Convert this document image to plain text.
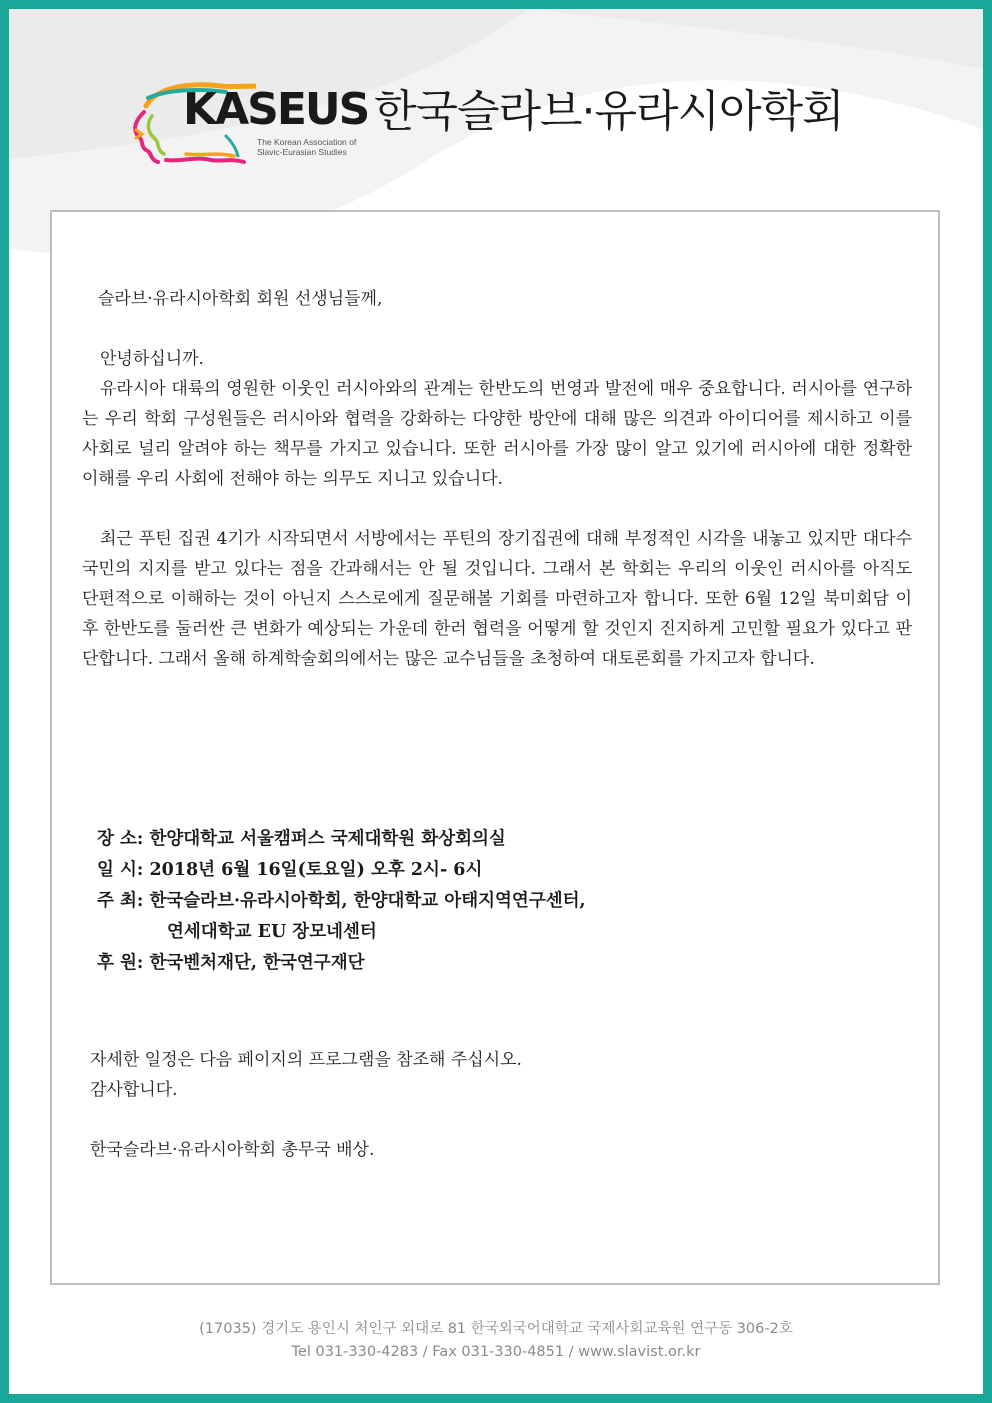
KASEUS
The Korean Association of
Slavic-Eurasian Studies
한국슬라브·유라시아학회

슬라브·유라시아학회 회원 선생님들께,

안녕하십니까.

유라시아 대륙의 영원한 이웃인 러시아와의 관계는 한반도의 번영과 발전에 매우 중요합니다. 러시아를 연구하는 우리 학회 구성원들은 러시아와 협력을 강화하는 다양한 방안에 대해 많은 의견과 아이디어를 제시하고 이를 사회로 널리 알려야 하는 책무를 가지고 있습니다. 또한 러시아를 가장 많이 알고 있기에 러시아에 대한 정확한 이해를 우리 사회에 전해야 하는 의무도 지니고 있습니다.

최근 푸틴 집권 4기가 시작되면서 서방에서는 푸틴의 장기집권에 대해 부정적인 시각을 내놓고 있지만 대다수 국민의 지지를 받고 있다는 점을 간과해서는 안 될 것입니다. 그래서 본 학회는 우리의 이웃인 러시아를 아직도 단편적으로 이해하는 것이 아닌지 스스로에게 질문해볼 기회를 마련하고자 합니다. 또한 6월 12일 북미회담 이후 한반도를 둘러싼 큰 변화가 예상되는 가운데 한러 협력을 어떻게 할 것인지 진지하게 고민할 필요가 있다고 판단합니다. 그래서 올해 하계학술회의에서는 많은 교수님들을 초청하여 대토론회를 가지고자 합니다.

장 소: 한양대학교 서울캠퍼스 국제대학원 화상회의실
일 시: 2018년 6월 16일(토요일) 오후 2시- 6시
주 최: 한국슬라브·유라시아학회, 한양대학교 아태지역연구센터,
연세대학교 EU 장모네센터
후 원: 한국벤처재단, 한국연구재단
자세한 일정은 다음 페이지의 프로그램을 참조해 주십시오.
감사합니다.
한국슬라브·유라시아학회 총무국 배상.
(17035) 경기도 용인시 처인구 외대로 81 한국외국어대학교 국제사회교육원 연구동 306-2호
Tel 031-330-4283 / Fax 031-330-4851 / www.slavist.or.kr
